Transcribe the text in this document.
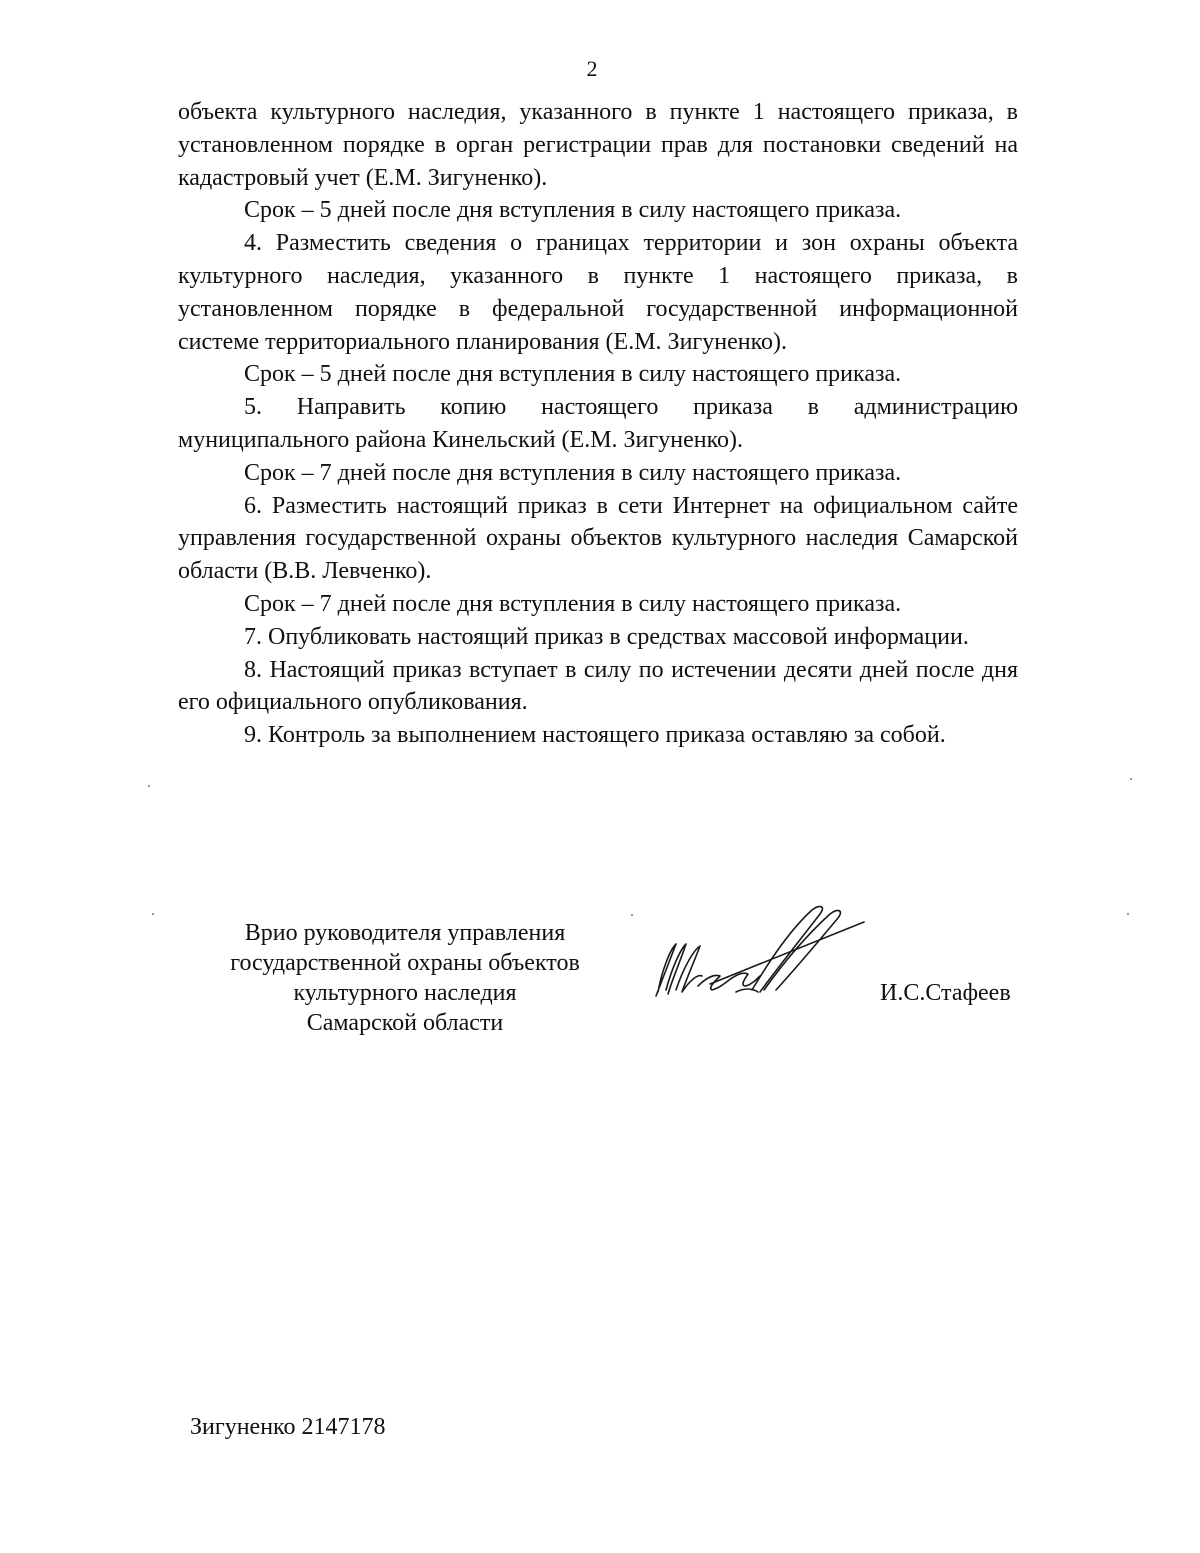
2

объекта культурного наследия, указанного в пункте 1 настоящего приказа, в установленном порядке в орган регистрации прав для постановки сведений на кадастровый учет (Е.М. Зигуненко).

Срок – 5 дней после дня вступления в силу настоящего приказа.

4. Разместить сведения о границах территории и зон охраны объекта культурного наследия, указанного в пункте 1 настоящего приказа, в установленном порядке в федеральной государственной информационной системе территориального планирования (Е.М. Зигуненко).

Срок – 5 дней после дня вступления в силу настоящего приказа.

5. Направить копию настоящего приказа в администрацию муниципального района Кинельский (Е.М. Зигуненко).

Срок – 7 дней после дня вступления в силу настоящего приказа.

6. Разместить настоящий приказ в сети Интернет на официальном сайте управления государственной охраны объектов культурного наследия Самарской области (В.В. Левченко).

Срок – 7 дней после дня вступления в силу настоящего приказа.

7. Опубликовать настоящий приказ в средствах массовой информации.

8. Настоящий приказ вступает в силу по истечении десяти дней после дня его официального опубликования.

9. Контроль за выполнением настоящего приказа оставляю за собой.

Врио руководителя управления
государственной охраны объектов
культурного наследия
Самарской области
И.С.Стафеев
Зигуненко 2147178
